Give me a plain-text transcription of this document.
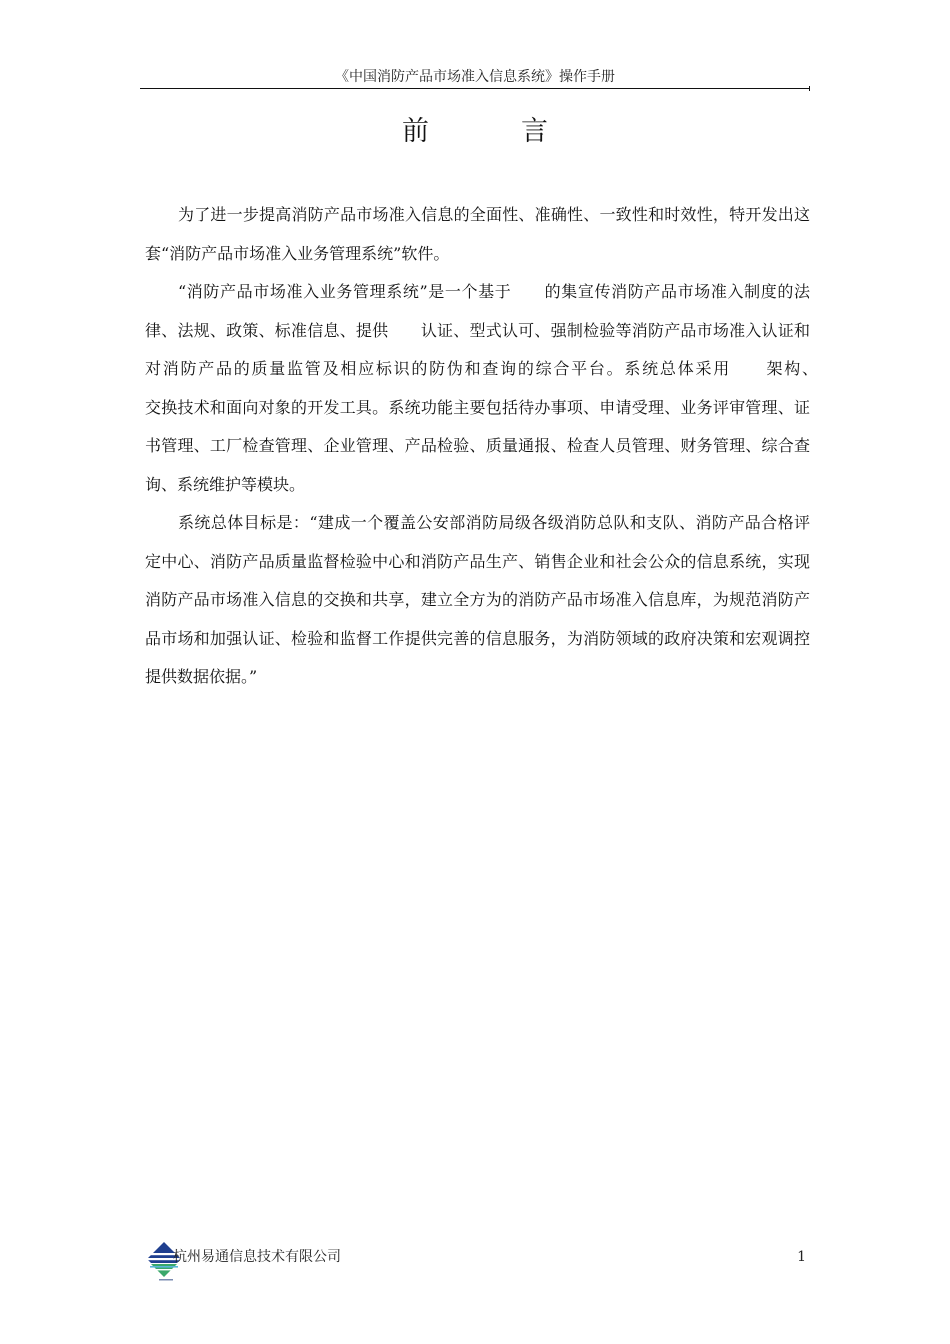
《中国消防产品市场准入信息系统》操作手册
前	言

为了进一步提高消防产品市场准入信息的全面性、准确性、一致性和时效性，特开发出这套“消防产品市场准入业务管理系统”软件。

“消防产品市场准入业务管理系统”是一个基于　　的集宣传消防产品市场准入制度的法律、法规、政策、标准信息、提供　　认证、型式认可、强制检验等消防产品市场准入认证和对消防产品的质量监管及相应标识的防伪和查询的综合平台。系统总体采用　　架构、　　　　　　　交换技术和面向对象的开发工具。系统功能主要包括待办事项、申请受理、业务评审管理、证书管理、工厂检查管理、企业管理、产品检验、质量通报、检查人员管理、财务管理、综合查询、系统维护等模块。

系统总体目标是：“建成一个覆盖公安部消防局级各级消防总队和支队、消防产品合格评定中心、消防产品质量监督检验中心和消防产品生产、销售企业和社会公众的信息系统，实现消防产品市场准入信息的交换和共享，建立全方为的消防产品市场准入信息库，为规范消防产品市场和加强认证、检验和监督工作提供完善的信息服务，为消防领域的政府决策和宏观调控提供数据依据。”

杭州易通信息技术有限公司	1
